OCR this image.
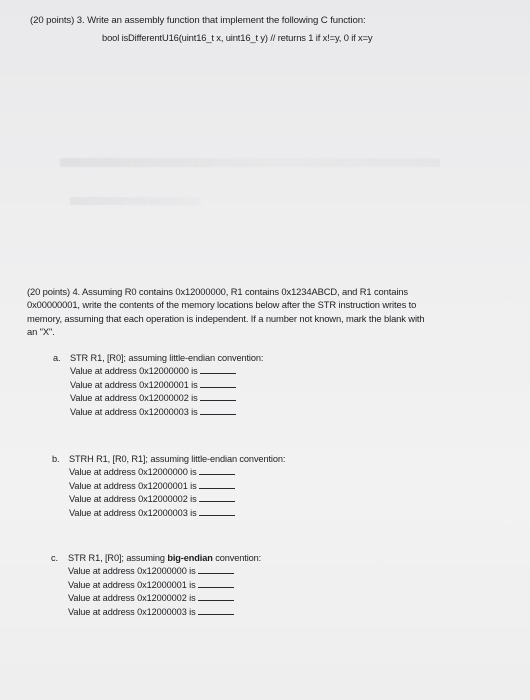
(20 points) 3. Write an assembly function that implement the following C function:
bool isDifferentU16(uint16_t x, uint16_t y) // returns 1 if x!=y, 0 if x=y

(20 points) 4. Assuming R0 contains 0x12000000, R1 contains 0x1234ABCD, and R1 contains

0x00000001, write the contents of the memory locations below after the STR instruction writes to

memory, assuming that each operation is independent. If a number not known, mark the blank with

an "X".

a. STR R1, [R0]; assuming little-endian convention:
Value at address 0x12000000 is
Value at address 0x12000001 is
Value at address 0x12000002 is
Value at address 0x12000003 is
b. STRH R1, [R0, R1]; assuming little-endian convention:
Value at address 0x12000000 is
Value at address 0x12000001 is
Value at address 0x12000002 is
Value at address 0x12000003 is
c. STR R1, [R0]; assuming big-endian convention:
Value at address 0x12000000 is
Value at address 0x12000001 is
Value at address 0x12000002 is
Value at address 0x12000003 is
